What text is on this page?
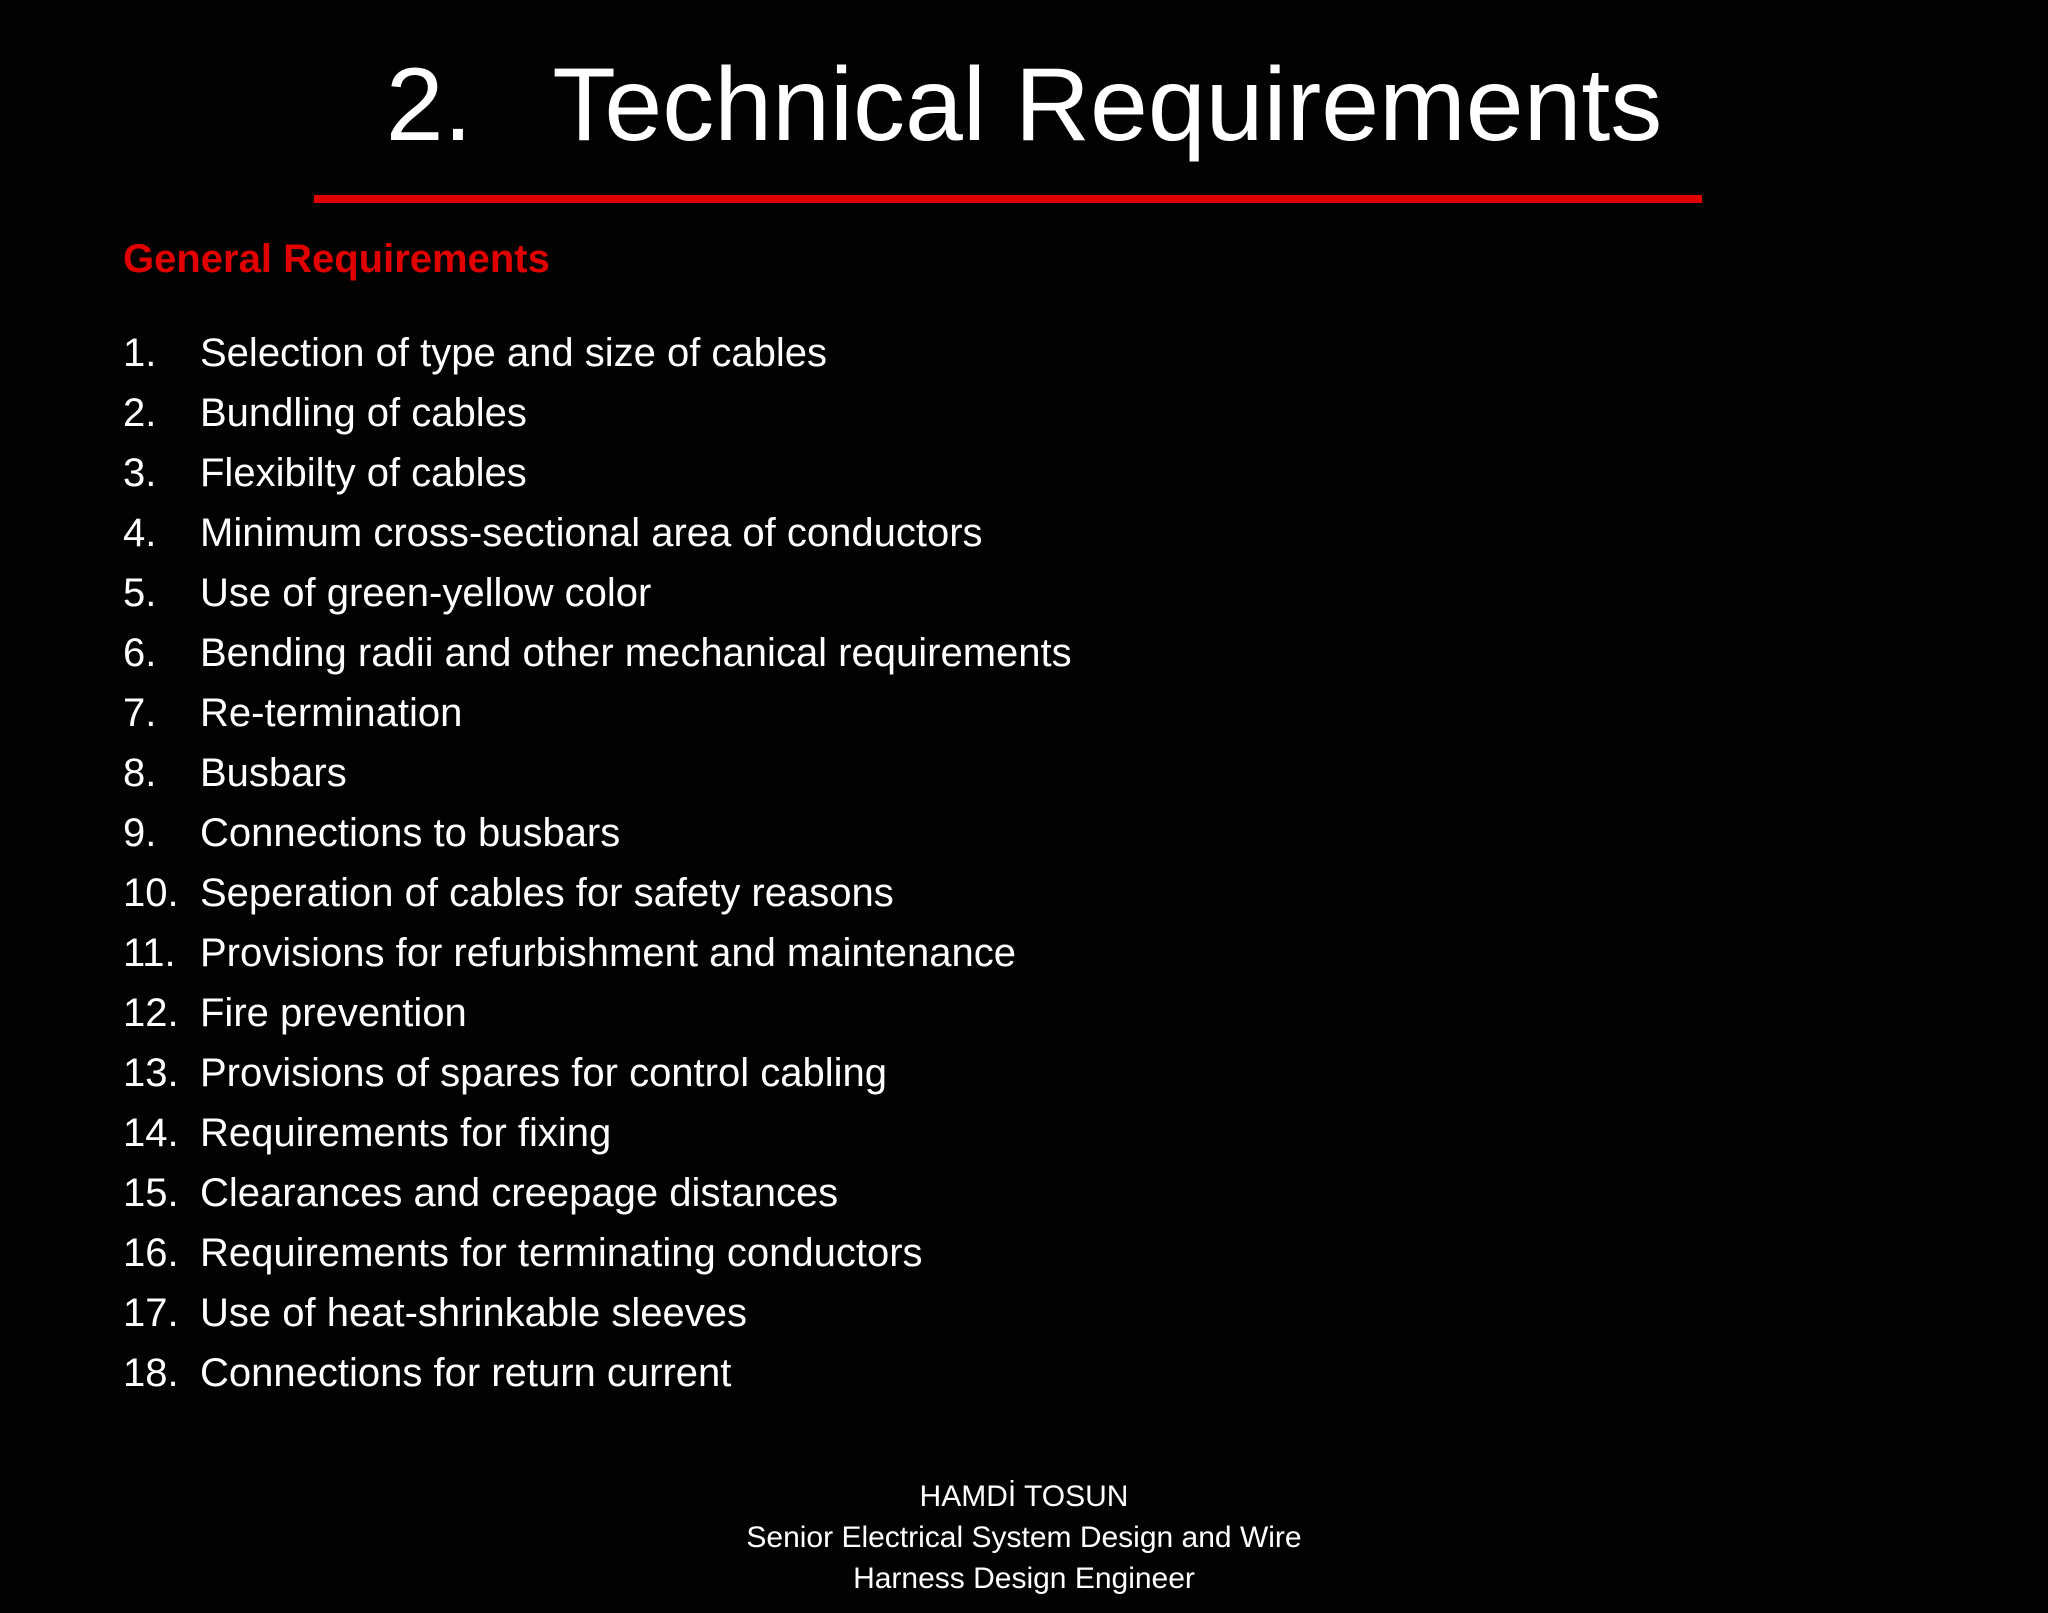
2. Technical Requirements
General Requirements
1.	Selection of type and size of cables
2.	Bundling of cables
3.	Flexibilty of cables
4.	Minimum cross-sectional area of conductors
5.	Use of green-yellow color
6.	Bending radii and other mechanical requirements
7.	Re-termination
8.	Busbars
9.	Connections to busbars
10. Seperation of cables for safety reasons
11. Provisions for refurbishment and maintenance
12. Fire prevention
13. Provisions of spares for control cabling
14. Requirements for fixing
15. Clearances and creepage distances
16. Requirements for terminating conductors
17. Use of heat-shrinkable sleeves
18. Connections for return current
HAMDİ TOSUN
Senior Electrical System Design and Wire
Harness Design Engineer
